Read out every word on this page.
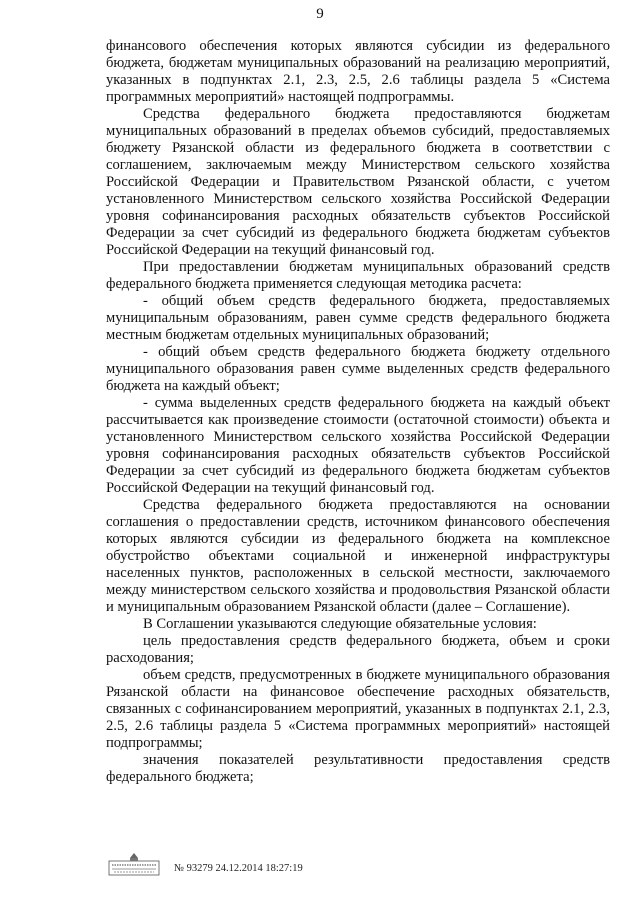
9

финансового обеспечения которых являются субсидии из федерального бюджета, бюджетам муниципальных образований на реализацию мероприятий, указанных в подпунктах 2.1, 2.3, 2.5, 2.6 таблицы раздела 5 «Система программных мероприятий» настоящей подпрограммы.

Средства федерального бюджета предоставляются бюджетам муниципальных образований в пределах объемов субсидий, предоставляемых бюджету Рязанской области из федерального бюджета в соответствии с соглашением, заключаемым между Министерством сельского хозяйства Российской Федерации и Правительством Рязанской области, с учетом установленного Министерством сельского хозяйства Российской Федерации уровня софинансирования расходных обязательств субъектов Российской Федерации за счет субсидий из федерального бюджета бюджетам субъектов Российской Федерации на текущий финансовый год.

При предоставлении бюджетам муниципальных образований средств федерального бюджета применяется следующая методика расчета:

- общий объем средств федерального бюджета, предоставляемых муниципальным образованиям, равен сумме средств федерального бюджета местным бюджетам отдельных муниципальных образований;

- общий объем средств федерального бюджета бюджету отдельного муниципального образования равен сумме выделенных средств федерального бюджета на каждый объект;

- сумма выделенных средств федерального бюджета на каждый объект рассчитывается как произведение стоимости (остаточной стоимости) объекта и установленного Министерством сельского хозяйства Российской Федерации уровня софинансирования расходных обязательств субъектов Российской Федерации за счет субсидий из федерального бюджета бюджетам субъектов Российской Федерации на текущий финансовый год.

Средства федерального бюджета предоставляются на основании соглашения о предоставлении средств, источником финансового обеспечения которых являются субсидии из федерального бюджета на комплексное обустройство объектами социальной и инженерной инфраструктуры населенных пунктов, расположенных в сельской местности, заключаемого между министерством сельского хозяйства и продовольствия Рязанской области и муниципальным образованием Рязанской области (далее – Соглашение).

В Соглашении указываются следующие обязательные условия:

цель предоставления средств федерального бюджета, объем и сроки расходования;

объем средств, предусмотренных в бюджете муниципального образования Рязанской области на финансовое обеспечение расходных обязательств, связанных с софинансированием мероприятий, указанных в подпунктах 2.1, 2.3, 2.5, 2.6 таблицы раздела 5 «Система программных мероприятий» настоящей подпрограммы;

значения показателей результативности предоставления средств федерального бюджета;

№ 93279 24.12.2014 18:27:19
